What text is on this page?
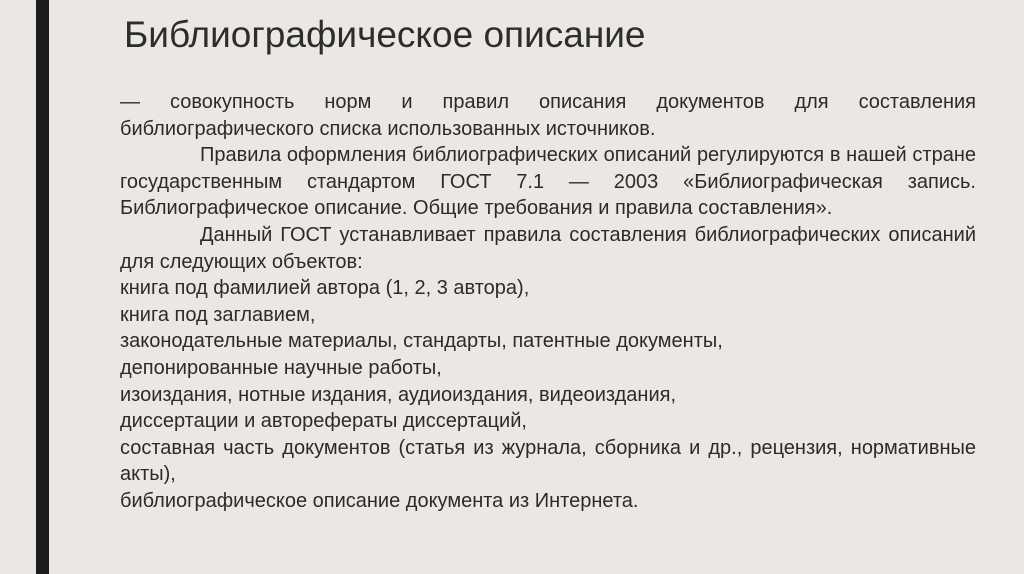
Библиографическое описание

— совокупность норм и правил описания документов для составления библиографического списка использованных источников.

Правила оформления библиографических описаний регулируются в нашей стране государственным стандартом ГОСТ 7.1 — 2003 «Библиографическая запись. Библиографическое описание. Общие требования и правила составления».

Данный ГОСТ устанавливает правила составления библиографических описаний для следующих объектов:

книга под фамилией автора (1, 2, 3 автора),
книга под заглавием,
законодательные материалы, стандарты, патентные документы,
депонированные научные работы,
изоиздания, нотные издания, аудиоиздания, видеоиздания,
диссертации и авторефераты диссертаций,

составная часть документов (статья из журнала, сборника и др., рецензия, нормативные акты),

библиографическое описание документа из Интернета.
